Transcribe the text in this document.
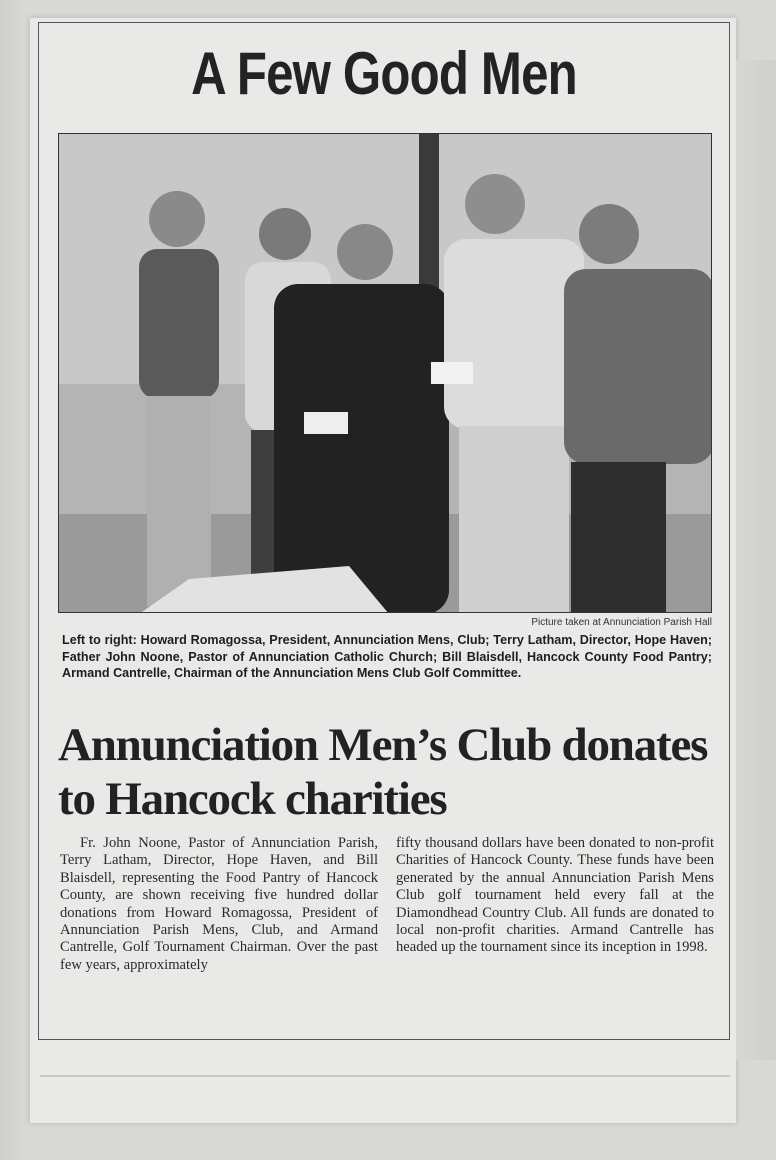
A Few Good Men
Picture taken at Annunciation Parish Hall
Left to right: Howard Romagossa, President, Annunciation Mens, Club; Terry Latham, Director, Hope Haven; Father John Noone, Pastor of Annunciation Catholic Church; Bill Blaisdell, Hancock County Food Pantry; Armand Cantrelle, Chairman of the Annunciation Mens Club Golf Committee.
Annunciation Men’s Club donates to Hancock charities
Fr. John Noone, Pastor of Annunciation Parish, Terry Latham, Director, Hope Haven, and Bill Blaisdell, representing the Food Pantry of Hancock County, are shown receiving five hundred dollar donations from Howard Romagossa, President of Annunciation Parish Mens, Club, and Armand Cantrelle, Golf Tournament Chairman. Over the past few years, approximately
fifty thousand dollars have been donated to non-profit Charities of Hancock County. These funds have been generated by the annual Annunciation Parish Mens Club golf tournament held every fall at the Diamondhead Country Club. All funds are donated to local non-profit charities. Armand Cantrelle has headed up the tournament since its inception in 1998.
